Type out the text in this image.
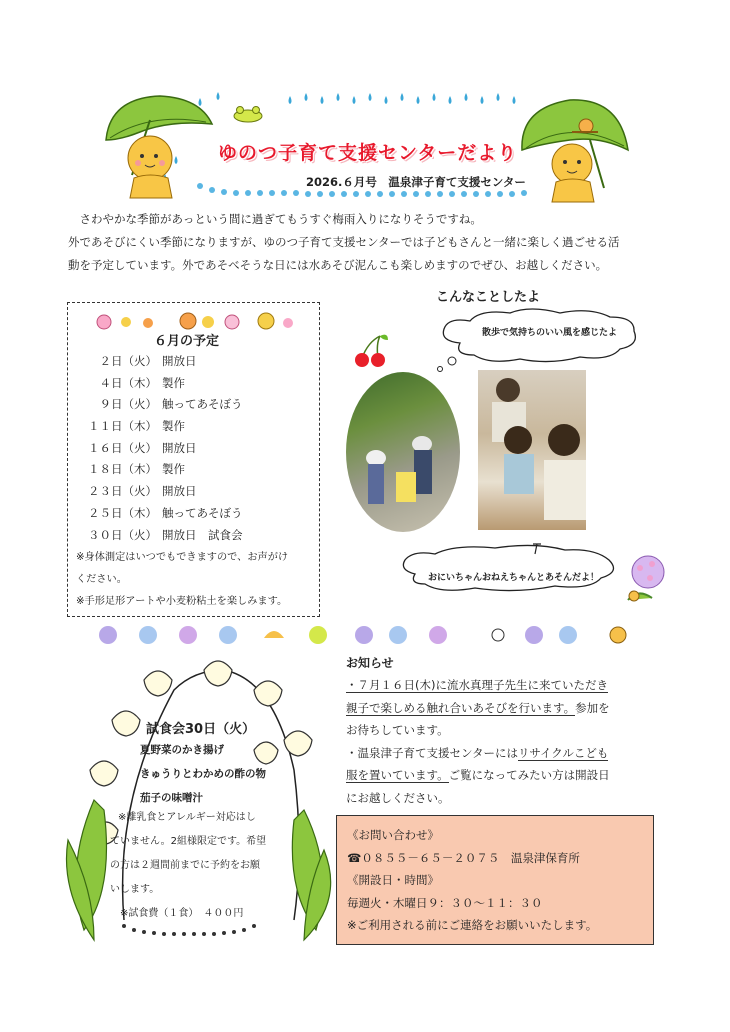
ゆのつ子育て支援センターだより
2026.６月号　温泉津子育て支援センター

　さわやかな季節があっという間に過ぎてもうすぐ梅雨入りになりそうですね。

外であそびにくい季節になりますが、ゆのつ子育て支援センターでは子どもさんと一緒に楽しく過ごせる活

動を予定しています。外であそべそうな日には水あそび泥んこも楽しめますのでぜひ、お越しください。

６月の予定
　２日（火） 開放日
　４日（木） 製作
　９日（火） 触ってあそぼう
１１日（木） 製作
１６日（火） 開放日
１８日（木） 製作
２３日（火） 開放日
２５日（木） 触ってあそぼう
３０日（火） 開放日　試食会

※身体測定はいつでもできますので、お声がけ

ください。

※手形足形アートや小麦粉粘土を楽しみます。

こんなことしたよ
散歩で気持ちのいい風を感じたよ
おにいちゃんおねえちゃんとあそんだよ！
試食会30日（火）

夏野菜のかき揚げ

きゅうりとわかめの酢の物

茄子の味噌汁

※離乳食とアレルギー対応はし

ていません。2組様限定です。希望

の方は２週間前までに予約をお願

いします。

※試食費（１食）　４００円

お知らせ

・７月１６日(木)に流水真理子先生に来ていただき

親子で楽しめる触れ合いあそびを行います。参加を

お待ちしています。

・温泉津子育て支援センターにはリサイクルこども

服を置いています。ご覧になってみたい方は開設日

にお越しください。

《お問い合わせ》

☎０８５５－６５－２０７５　温泉津保育所

《開設日・時間》

毎週火・木曜日９：３０～１１：３０

※ご利用される前にご連絡をお願いいたします。
